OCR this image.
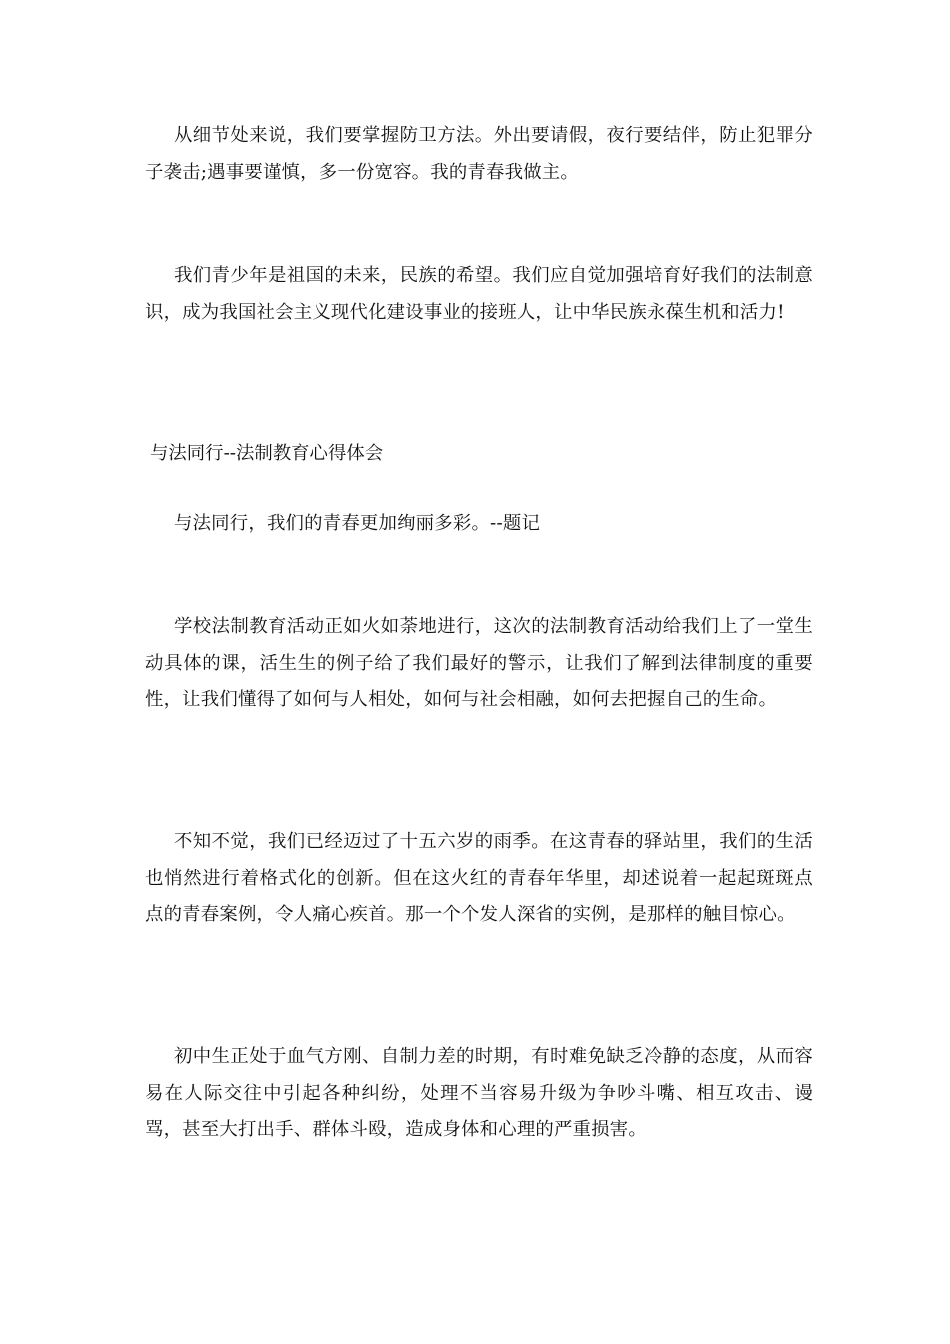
从细节处来说，我们要掌握防卫方法。外出要请假，夜行要结伴，防止犯罪分子袭击;遇事要谨慎，多一份宽容。我的青春我做主。

我们青少年是祖国的未来，民族的希望。我们应自觉加强培育好我们的法制意识，成为我国社会主义现代化建设事业的接班人，让中华民族永葆生机和活力!

与法同行--法制教育心得体会

与法同行，我们的青春更加绚丽多彩。--题记

学校法制教育活动正如火如荼地进行，这次的法制教育活动给我们上了一堂生动具体的课，活生生的例子给了我们最好的警示，让我们了解到法律制度的重要性，让我们懂得了如何与人相处，如何与社会相融，如何去把握自己的生命。

不知不觉，我们已经迈过了十五六岁的雨季。在这青春的驿站里，我们的生活也悄然进行着格式化的创新。但在这火红的青春年华里，却述说着一起起斑斑点点的青春案例，令人痛心疾首。那一个个发人深省的实例，是那样的触目惊心。

初中生正处于血气方刚、自制力差的时期，有时难免缺乏冷静的态度，从而容易在人际交往中引起各种纠纷，处理不当容易升级为争吵斗嘴、相互攻击、谩骂，甚至大打出手、群体斗殴，造成身体和心理的严重损害。
